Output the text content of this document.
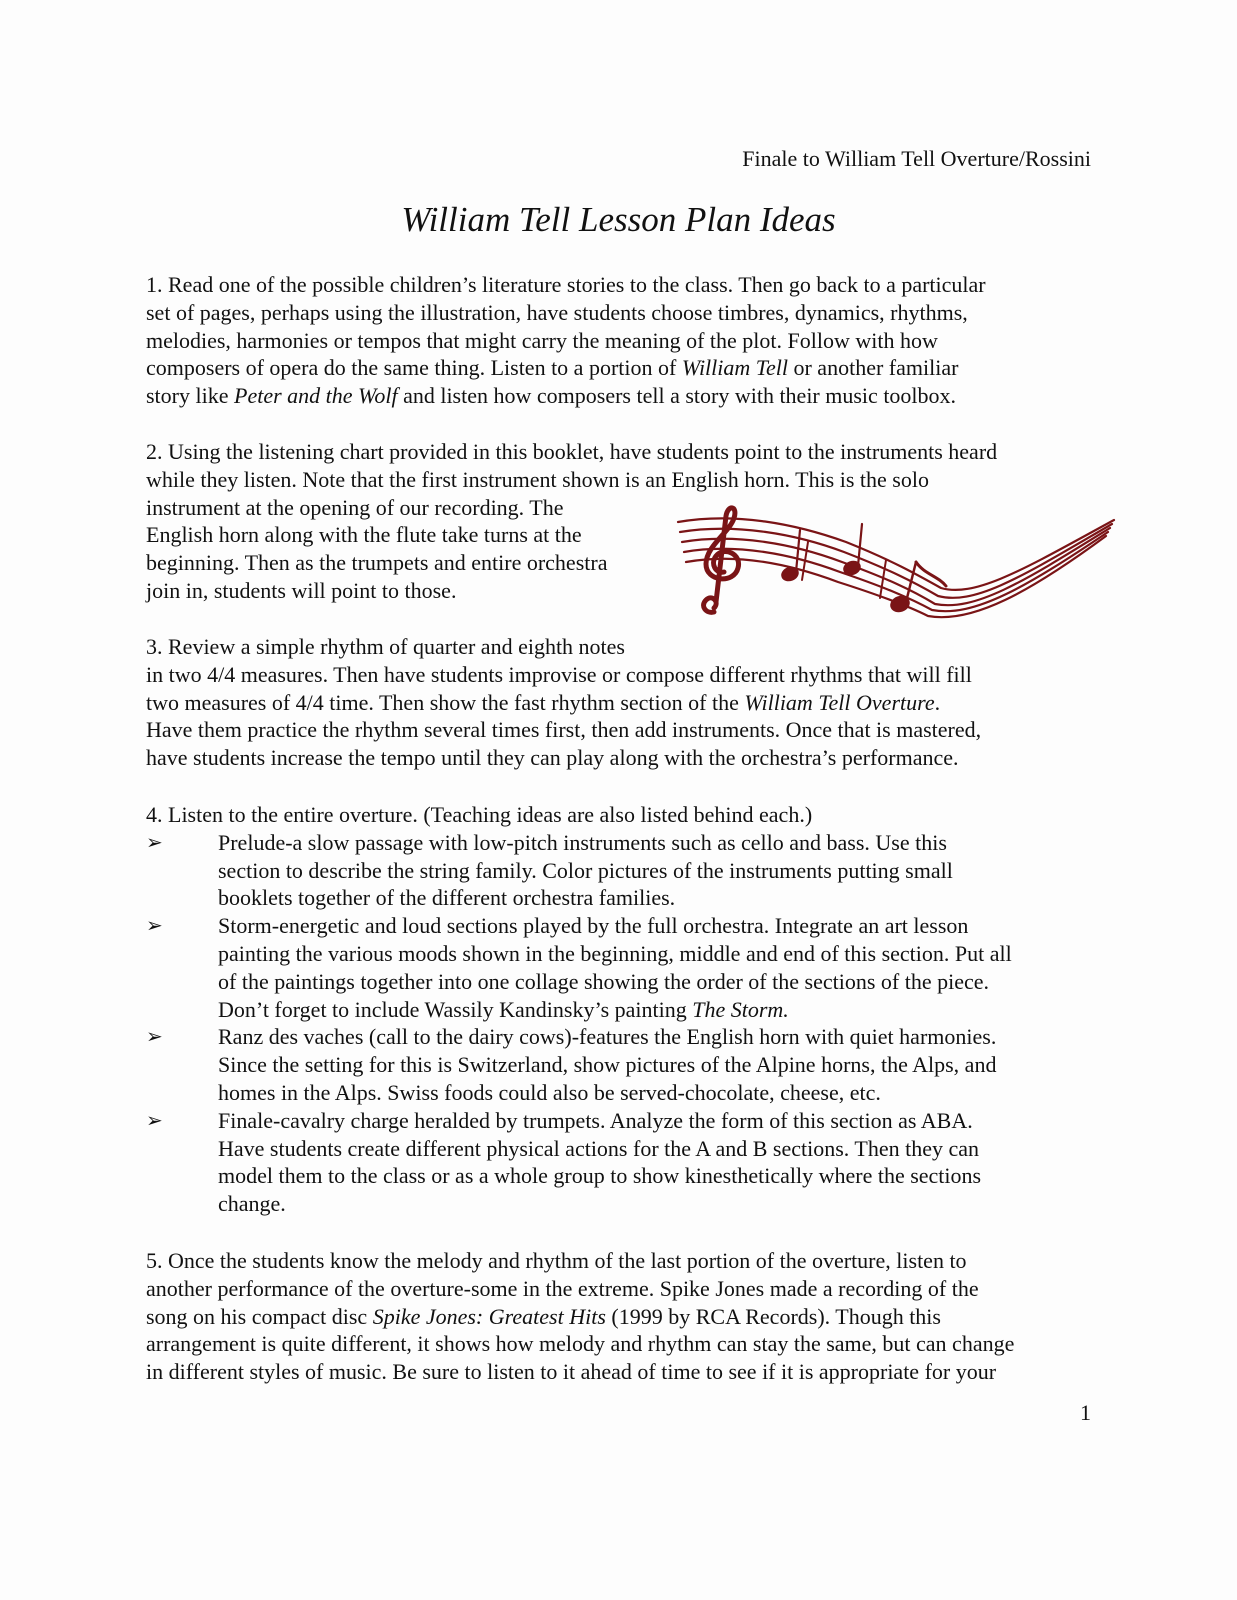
Finale to William Tell Overture/Rossini
William Tell Lesson Plan Ideas
1. Read one of the possible children’s literature stories to the class. Then go back to a particular
set of pages, perhaps using the illustration, have students choose timbres, dynamics, rhythms,
melodies, harmonies or tempos that might carry the meaning of the plot. Follow with how
composers of opera do the same thing. Listen to a portion of William Tell or another familiar
story like Peter and the Wolf and listen how composers tell a story with their music toolbox.
2. Using the listening chart provided in this booklet, have students point to the instruments heard
while they listen. Note that the first instrument shown is an English horn. This is the solo
instrument at the opening of our recording. The
English horn along with the flute take turns at the
beginning. Then as the trumpets and entire orchestra
join in, students will point to those.
3. Review a simple rhythm of quarter and eighth notes
in two 4/4 measures. Then have students improvise or compose different rhythms that will fill
two measures of 4/4 time. Then show the fast rhythm section of the William Tell Overture.
Have them practice the rhythm several times first, then add instruments. Once that is mastered,
have students increase the tempo until they can play along with the orchestra’s performance.
4. Listen to the entire overture. (Teaching ideas are also listed behind each.)
➢	Prelude-a slow passage with low-pitch instruments such as cello and bass. Use this
section to describe the string family. Color pictures of the instruments putting small
booklets together of the different orchestra families.
➢	Storm-energetic and loud sections played by the full orchestra. Integrate an art lesson
painting the various moods shown in the beginning, middle and end of this section. Put all
of the paintings together into one collage showing the order of the sections of the piece.
Don’t forget to include Wassily Kandinsky’s painting The Storm.
➢	Ranz des vaches (call to the dairy cows)-features the English horn with quiet harmonies.
Since the setting for this is Switzerland, show pictures of the Alpine horns, the Alps, and
homes in the Alps. Swiss foods could also be served-chocolate, cheese, etc.
➢	Finale-cavalry charge heralded by trumpets. Analyze the form of this section as ABA.
Have students create different physical actions for the A and B sections. Then they can
model them to the class or as a whole group to show kinesthetically where the sections
change.
5. Once the students know the melody and rhythm of the last portion of the overture, listen to
another performance of the overture-some in the extreme. Spike Jones made a recording of the
song on his compact disc Spike Jones: Greatest Hits (1999 by RCA Records). Though this
arrangement is quite different, it shows how melody and rhythm can stay the same, but can change
in different styles of music. Be sure to listen to it ahead of time to see if it is appropriate for your
1
